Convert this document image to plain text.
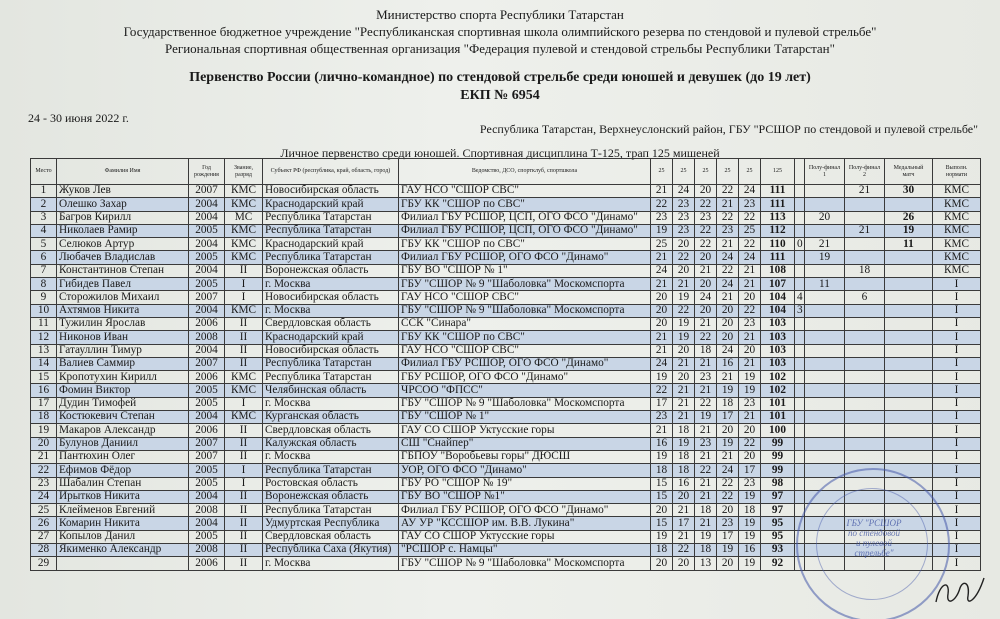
Министерство спорта Республики Татарстан
Государственное бюджетное учреждение "Республиканская спортивная школа олимпийского резерва по стендовой и пулевой стрельбе"
Региональная спортивная общественная организация "Федерация пулевой и стендовой стрельбы Республики Татарстан"
Первенство России (лично-командное) по стендовой стрельбе среди юношей и девушек (до 19 лет)
ЕКП № 6954
24 - 30 июня 2022 г.
Республика Татарстан, Верхнеуслонский район, ГБУ "РСШОР по стендовой и пулевой стрельбе"
Личное первенство среди юношей. Спортивная дисциплина Т-125, трап 125 мишеней
Место	Фамилия Имя	Год рождения	Звание, разряд	Субъект РФ (республика, край, область, город)	Ведомство, ДСО, спортклуб, спортшкола	25	25	25	25	25	125		Полу-финал 1	Полу-финал 2	Медальный матч	Выполн. нормати
1	Жуков Лев	2007	КМС	Новосибирская область	ГАУ НСО "СШОР СВС"	21	24	20	22	24	111			21	30	КМС
2	Олешко Захар	2004	КМС	Краснодарский край	ГБУ КК "СШОР по СВС"	22	23	22	21	23	111					КМС
3	Багров Кирилл	2004	МС	Республика Татарстан	Филиал ГБУ РСШОР, ЦСП, ОГО ФСО "Динамо"	23	23	23	22	22	113		20		26	КМС
4	Николаев Рамир	2005	КМС	Республика Татарстан	Филиал ГБУ РСШОР, ЦСП, ОГО ФСО "Динамо"	19	23	22	23	25	112			21	19	КМС
5	Селюков Артур	2004	КМС	Краснодарский край	ГБУ КК "СШОР по СВС"	25	20	22	21	22	110	0	21		11	КМС
6	Любачев Владислав	2005	КМС	Республика Татарстан	Филиал ГБУ РСШОР, ОГО ФСО "Динамо"	21	22	20	24	24	111		19			КМС
7	Константинов Степан	2004	II	Воронежская область	ГБУ ВО "СШОР № 1"	24	20	21	22	21	108			18		КМС
8	Гибидев Павел	2005	I	г. Москва	ГБУ "СШОР № 9 "Шаболовка" Москомспорта	21	21	20	24	21	107		11			I
9	Сторожилов Михаил	2007	I	Новосибирская область	ГАУ НСО "СШОР СВС"	20	19	24	21	20	104	4		6		I
10	Ахтямов Никита	2004	КМС	г. Москва	ГБУ "СШОР № 9 "Шаболовка" Москомспорта	20	22	20	20	22	104	3				I
11	Тужилин Ярослав	2006	II	Свердловская область	ССК "Синара"	20	19	21	20	23	103					I
12	Никонов Иван	2008	II	Краснодарский край	ГБУ КК "СШОР по СВС"	21	19	22	20	21	103					I
13	Гатауллин Тимур	2004	II	Новосибирская область	ГАУ НСО "СШОР СВС"	21	20	18	24	20	103					I
14	Валиев Саммир	2007	II	Республика Татарстан	Филиал ГБУ РСШОР, ОГО ФСО "Динамо"	24	21	21	16	21	103					I
15	Кропотухин Кирилл	2006	КМС	Республика Татарстан	ГБУ РСШОР, ОГО ФСО "Динамо"	19	20	23	21	19	102					I
16	Фомин Виктор	2005	КМС	Челябинская область	ЧРСОО "ФПСС"	22	21	21	19	19	102					I
17	Дудин Тимофей	2005	I	г. Москва	ГБУ "СШОР № 9 "Шаболовка" Москомспорта	17	21	22	18	23	101					I
18	Костюкевич Степан	2004	КМС	Курганская область	ГБУ "СШОР № 1"	23	21	19	17	21	101					I
19	Макаров Александр	2006	II	Свердловская область	ГАУ СО СШОР Уктусские горы	21	18	21	20	20	100					I
20	Булунов Даниил	2007	II	Калужская область	СШ "Снайпер"	16	19	23	19	22	99					I
21	Пантюхин Олег	2007	II	г. Москва	ГБПОУ "Воробьевы горы" ДЮСШ	19	18	21	21	20	99					I
22	Ефимов Фёдор	2005	I	Республика Татарстан	УОР, ОГО ФСО "Динамо"	18	18	22	24	17	99					I
23	Шабалин Степан	2005	I	Ростовская область	ГБУ РО "СШОР № 19"	15	16	21	22	23	98					I
24	Ирытков Никита	2004	II	Воронежская область	ГБУ ВО "СШОР №1"	15	20	21	22	19	97					I
25	Клейменов Евгений	2008	II	Республика Татарстан	Филиал ГБУ РСШОР, ОГО ФСО "Динамо"	20	21	18	20	18	97					I
26	Комарин Никита	2004	II	Удмуртская Республика	АУ УР "КССШОР им. В.В. Лукина"	15	17	21	23	19	95					I
27	Копылов Данил	2005	II	Свердловская область	ГАУ СО СШОР Уктусские горы	19	21	19	17	19	95					I
28	Якименко Александр	2008	II	Республика Саха (Якутия)	"РСШОР с. Намцы"	18	22	18	19	16	93					I
29		2006	II	г. Москва	ГБУ "СШОР № 9 "Шаболовка" Москомспорта	20	20	13	20	19	92					I
ГБУ "РСШОР
по стендовой
и пулевой
стрельбе"
